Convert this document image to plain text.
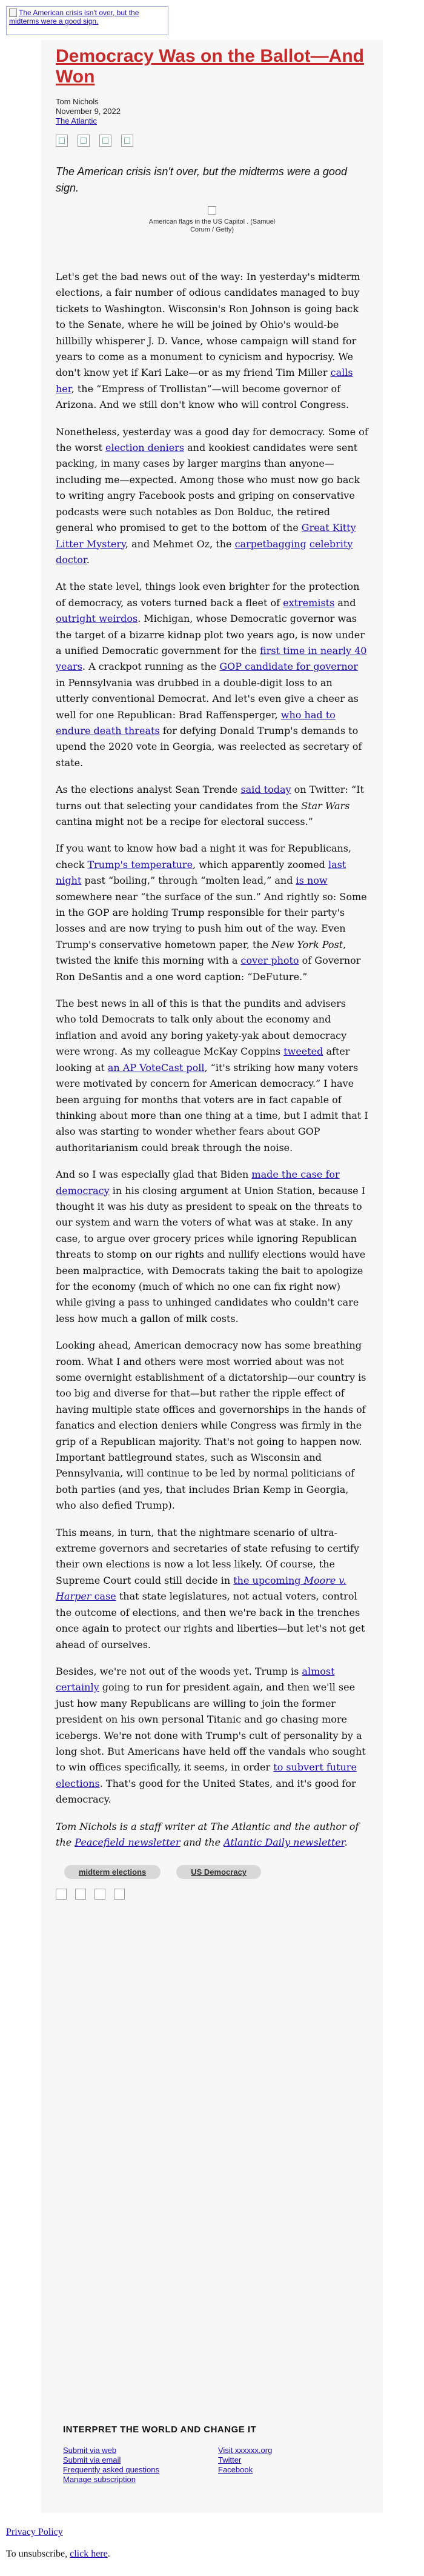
The American crisis isn't over, but the midterms were a good sign.
Democracy Was on the Ballot—And Won
Tom Nichols
November 9, 2022
The Atlantic
The American crisis isn't over, but the midterms were a good sign.
American flags in the US Capitol . (Samuel Corum / Getty)

Let's get the bad news out of the way: In yesterday's midterm elections, a fair number of odious candidates managed to buy tickets to Washington. Wisconsin's Ron Johnson is going back to the Senate, where he will be joined by Ohio's would-be hillbilly whisperer J. D. Vance, whose campaign will stand for years to come as a monument to cynicism and hypocrisy. We don't know yet if Kari Lake—or as my friend Tim Miller calls her, the “Empress of Trollistan”—will become governor of Arizona. And we still don't know who will control Congress.

Nonetheless, yesterday was a good day for democracy. Some of the worst election deniers and kookiest candidates were sent packing, in many cases by larger margins than anyone—including me—expected. Among those who must now go back to writing angry Facebook posts and griping on conservative podcasts were such notables as Don Bolduc, the retired general who promised to get to the bottom of the Great Kitty Litter Mystery, and Mehmet Oz, the carpetbagging celebrity doctor.

At the state level, things look even brighter for the protection of democracy, as voters turned back a fleet of extremists and outright weirdos. Michigan, whose Democratic governor was the target of a bizarre kidnap plot two years ago, is now under a unified Democratic government for the first time in nearly 40 years. A crackpot running as the GOP candidate for governor in Pennsylvania was drubbed in a double-digit loss to an utterly conventional Democrat. And let's even give a cheer as well for one Republican: Brad Raffensperger, who had to endure death threats for defying Donald Trump's demands to upend the 2020 vote in Georgia, was reelected as secretary of state.

As the elections analyst Sean Trende said today on Twitter: “It turns out that selecting your candidates from the Star Wars cantina might not be a recipe for electoral success.”

If you want to know how bad a night it was for Republicans, check Trump's temperature, which apparently zoomed last night past “boiling,” through “molten lead,” and is now somewhere near “the surface of the sun.” And rightly so: Some in the GOP are holding Trump responsible for their party's losses and are now trying to push him out of the way. Even Trump's conservative hometown paper, the New York Post, twisted the knife this morning with a cover photo of Governor Ron DeSantis and a one word caption: “DeFuture.”

The best news in all of this is that the pundits and advisers who told Democrats to talk only about the economy and inflation and avoid any boring yakety-yak about democracy were wrong. As my colleague McKay Coppins tweeted after looking at an AP VoteCast poll, “it's striking how many voters were motivated by concern for American democracy.” I have been arguing for months that voters are in fact capable of thinking about more than one thing at a time, but I admit that I also was starting to wonder whether fears about GOP authoritarianism could break through the noise.

And so I was especially glad that Biden made the case for democracy in his closing argument at Union Station, because I thought it was his duty as president to speak on the threats to our system and warn the voters of what was at stake. In any case, to argue over grocery prices while ignoring Republican threats to stomp on our rights and nullify elections would have been malpractice, with Democrats taking the bait to apologize for the economy (much of which no one can fix right now) while giving a pass to unhinged candidates who couldn't care less how much a gallon of milk costs.

Looking ahead, American democracy now has some breathing room. What I and others were most worried about was not some overnight establishment of a dictatorship—our country is too big and diverse for that—but rather the ripple effect of having multiple state offices and governorships in the hands of fanatics and election deniers while Congress was firmly in the grip of a Republican majority. That's not going to happen now. Important battleground states, such as Wisconsin and Pennsylvania, will continue to be led by normal politicians of both parties (and yes, that includes Brian Kemp in Georgia, who also defied Trump).

This means, in turn, that the nightmare scenario of ultra-extreme governors and secretaries of state refusing to certify their own elections is now a lot less likely. Of course, the Supreme Court could still decide in the upcoming Moore v. Harper case that state legislatures, not actual voters, control the outcome of elections, and then we're back in the trenches once again to protect our rights and liberties—but let's not get ahead of ourselves.

Besides, we're not out of the woods yet. Trump is almost certainly going to run for president again, and then we'll see just how many Republicans are willing to join the former president on his own personal Titanic and go chasing more icebergs. We're not done with Trump's cult of personality by a long shot. But Americans have held off the vandals who sought to win offices specifically, it seems, in order to subvert future elections. That's good for the United States, and it's good for democracy.

Tom Nichols is a staff writer at The Atlantic and the author of the Peacefield newsletter and the Atlantic Daily newsletter.

midterm elections	US Democracy
INTERPRET THE WORLD AND CHANGE IT
Submit via web
Submit via email
Frequently asked questions
Manage subscription
Visit xxxxxx.org
Twitter
Facebook
Privacy Policy
To unsubscribe, click here.
